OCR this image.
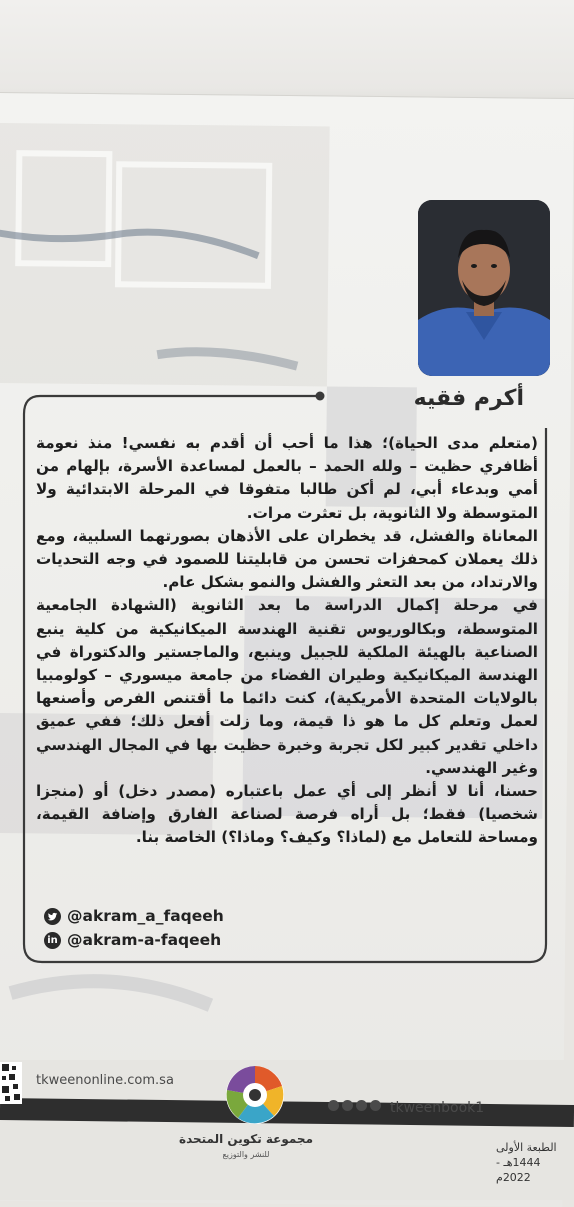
أكرم فقيه

(متعلم مدى الحياة)؛ هذا ما أحب أن أقدم به نفسي! منذ نعومة أظافري حظيت – ولله الحمد – بالعمل لمساعدة الأسرة، بإلهام من أمي وبدعاء أبي، لم أكن طالبا متفوقا في المرحلة الابتدائية ولا المتوسطة ولا الثانوية، بل تعثرت مرات.

المعاناة والفشل، قد يخطران على الأذهان بصورتهما السلبية، ومع ذلك يعملان كمحفزات تحسن من قابليتنا للصمود في وجه التحديات والارتداد، من بعد التعثر والفشل والنمو بشكل عام.

في مرحلة إكمال الدراسة ما بعد الثانوية (الشهادة الجامعية المتوسطة، وبكالوريوس تقنية الهندسة الميكانيكية من كلية ينبع الصناعية بالهيئة الملكية للجبيل وينبع، والماجستير والدكتوراة في الهندسة الميكانيكية وطيران الفضاء من جامعة ميسوري – كولومبيا بالولايات المتحدة الأمريكية)، كنت دائما ما أقتنص الفرص وأصنعها لعمل وتعلم كل ما هو ذا قيمة، وما زلت أفعل ذلك؛ ففي عميق داخلي تقدير كبير لكل تجربة وخبرة حظيت بها في المجال الهندسي وغير الهندسي.

حسنا، أنا لا أنظر إلى أي عمل باعتباره (مصدر دخل) أو (منجزا شخصيا) فقط؛ بل أراه فرصة لصناعة الفارق وإضافة القيمة، ومساحة للتعامل مع (لماذا؟ وكيف؟ وماذا؟) الخاصة بنا.

@akram_a_faqeeh
in @akram-a-faqeeh
tkweenonline.com.sa
مجموعة تكوين المتحدة
للنشر والتوزيع
tkweenbook1
الطبعة الأولى
1444هـ - 2022م
